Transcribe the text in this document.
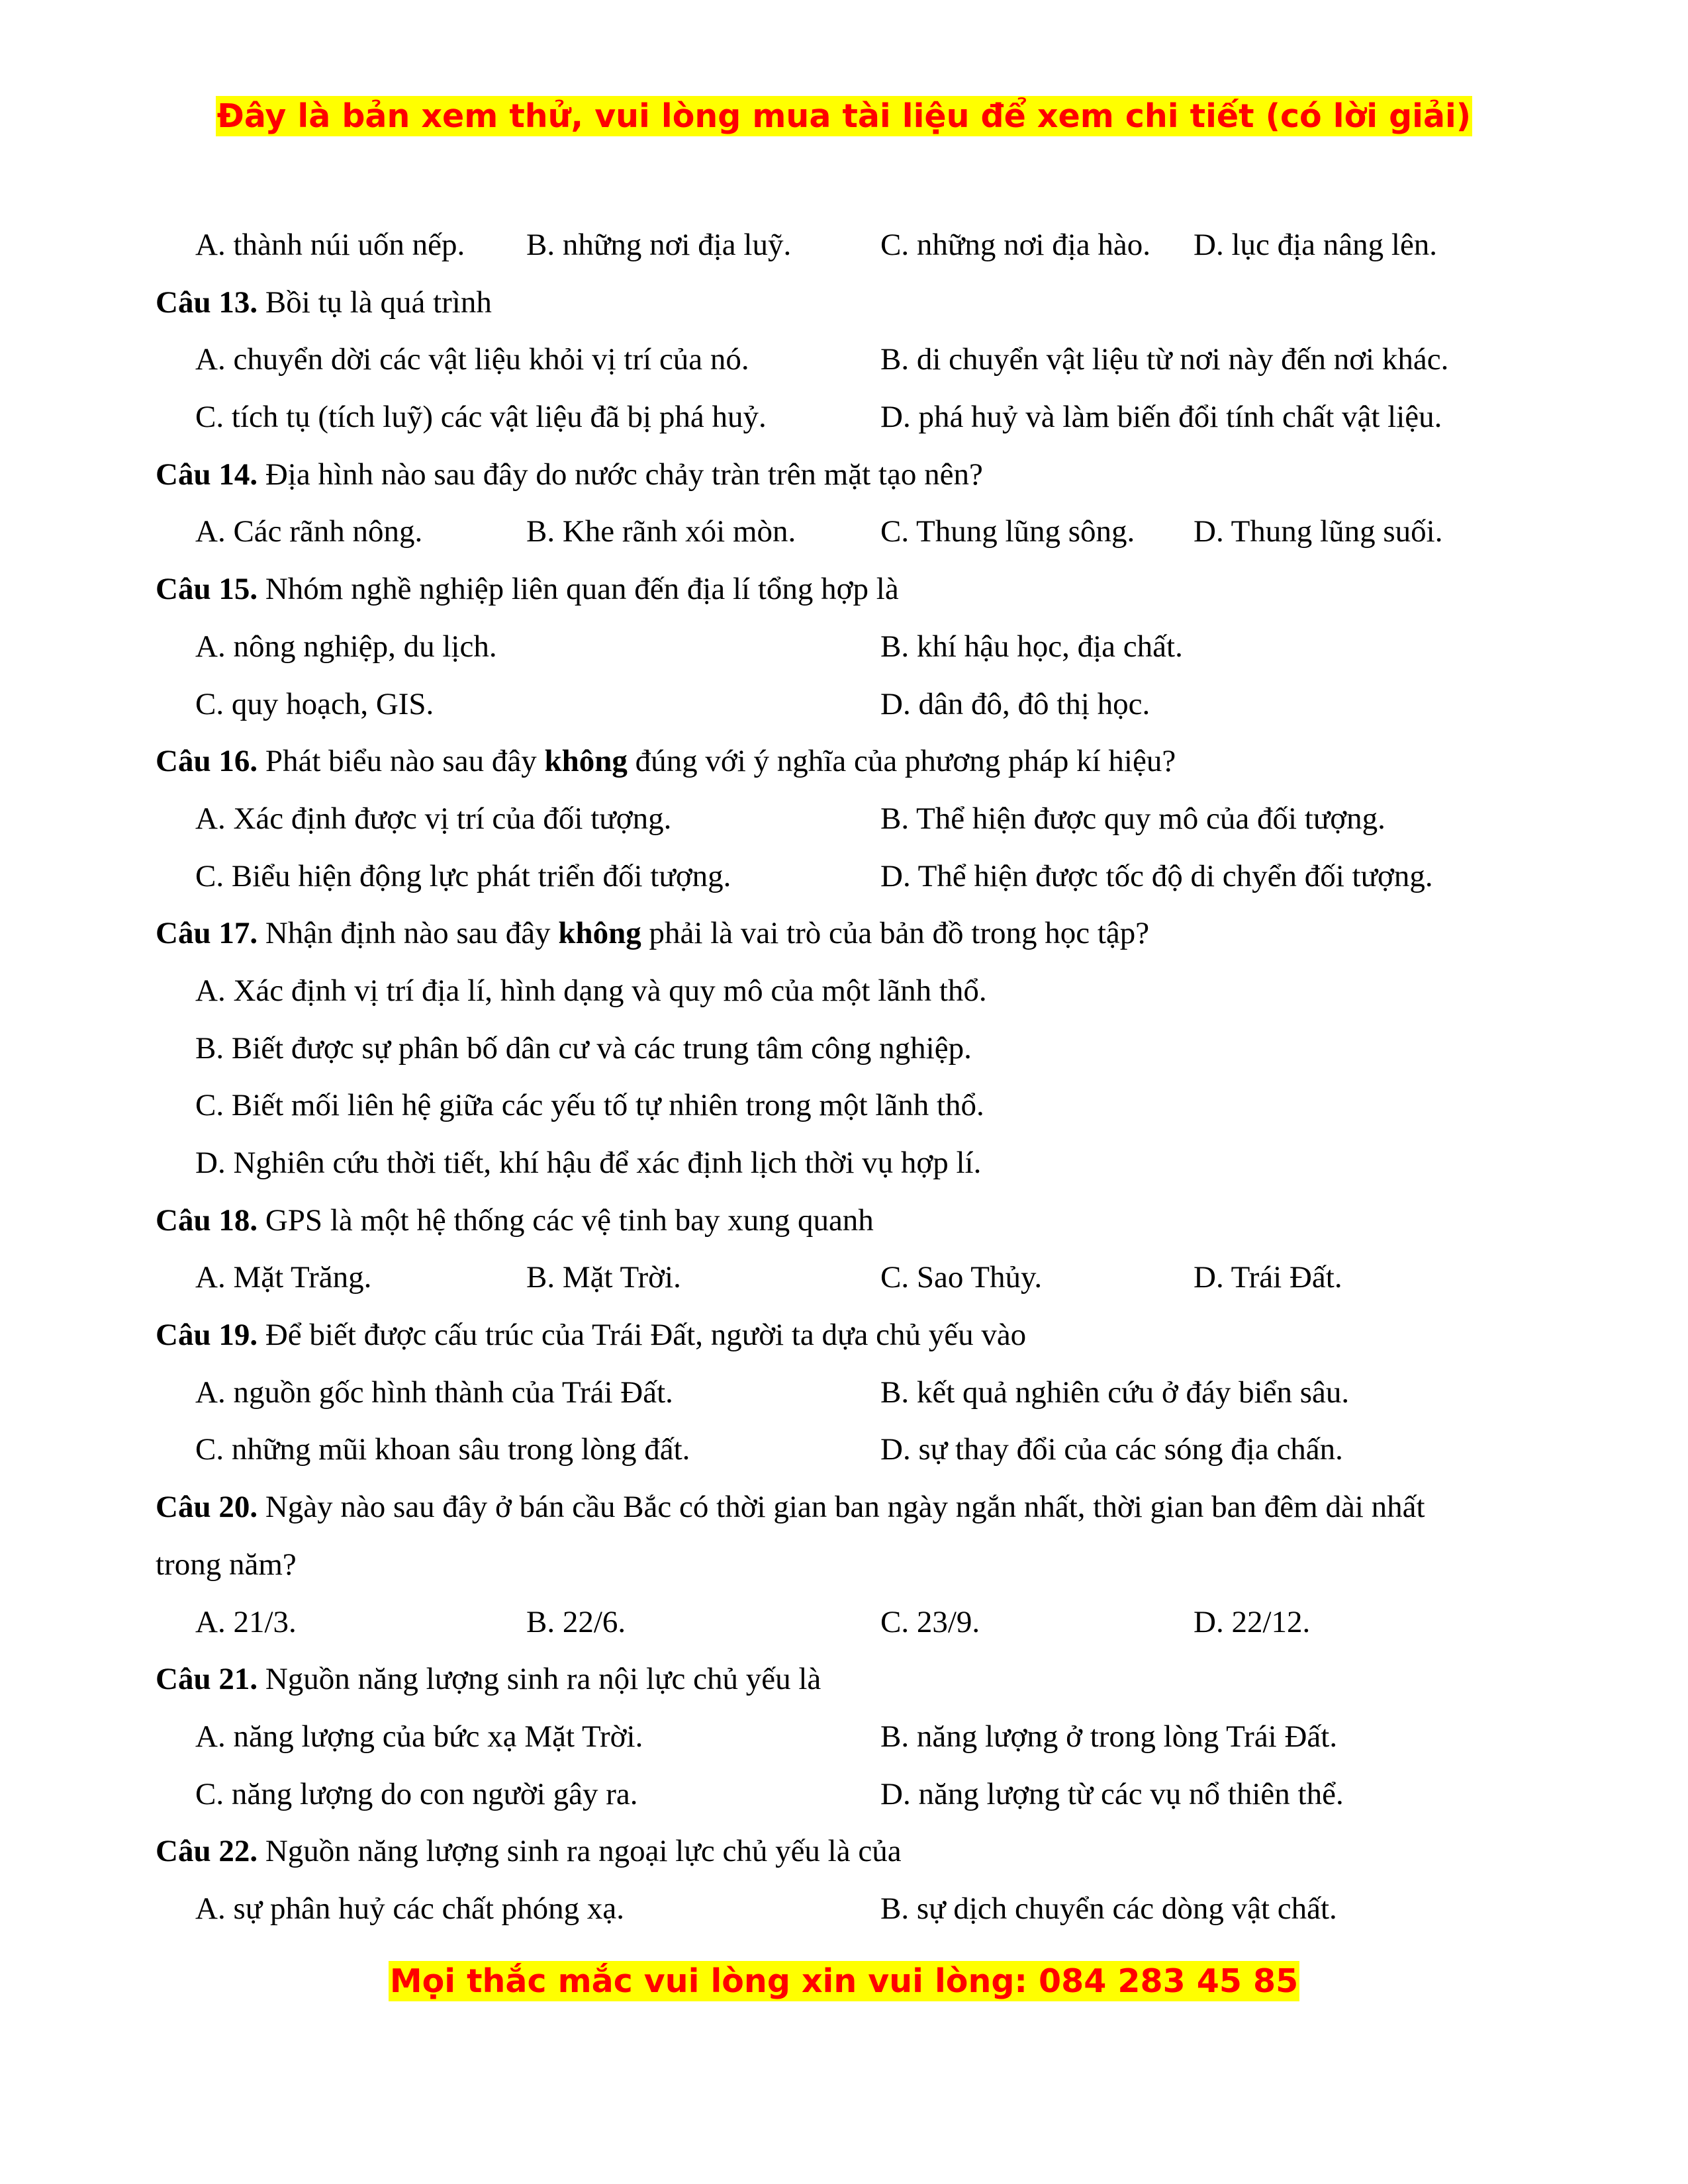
Đây là bản xem thử, vui lòng mua tài liệu để xem chi tiết (có lời giải)
A. thành núi uốn nếp. B. những nơi địa luỹ.	C. những nơi địa hào. D. lục địa nâng lên.
Câu 13. Bồi tụ là quá trình
A. chuyển dời các vật liệu khỏi vị trí của nó.	B. di chuyển vật liệu từ nơi này đến nơi khác.
C. tích tụ (tích luỹ) các vật liệu đã bị phá huỷ.	D. phá huỷ và làm biến đổi tính chất vật liệu.
Câu 14. Địa hình nào sau đây do nước chảy tràn trên mặt tạo nên?
A. Các rãnh nông.	B. Khe rãnh xói mòn.	C. Thung lũng sông. D. Thung lũng suối.
Câu 15. Nhóm nghề nghiệp liên quan đến địa lí tổng hợp là
A. nông nghiệp, du lịch.	B. khí hậu học, địa chất.
C. quy hoạch, GIS.	D. dân đô, đô thị học.
Câu 16. Phát biểu nào sau đây không đúng với ý nghĩa của phương pháp kí hiệu?
A. Xác định được vị trí của đối tượng.	B. Thể hiện được quy mô của đối tượng.
C. Biểu hiện động lực phát triển đối tượng.	D. Thể hiện được tốc độ di chyển đối tượng.
Câu 17. Nhận định nào sau đây không phải là vai trò của bản đồ trong học tập?
A. Xác định vị trí địa lí, hình dạng và quy mô của một lãnh thổ.
B. Biết được sự phân bố dân cư và các trung tâm công nghiệp.
C. Biết mối liên hệ giữa các yếu tố tự nhiên trong một lãnh thổ.
D. Nghiên cứu thời tiết, khí hậu để xác định lịch thời vụ hợp lí.
Câu 18. GPS là một hệ thống các vệ tinh bay xung quanh
A. Mặt Trăng.	B. Mặt Trời.	C. Sao Thủy.	D. Trái Đất.
Câu 19. Để biết được cấu trúc của Trái Đất, người ta dựa chủ yếu vào
A. nguồn gốc hình thành của Trái Đất.	B. kết quả nghiên cứu ở đáy biển sâu.
C. những mũi khoan sâu trong lòng đất.	D. sự thay đổi của các sóng địa chấn.
Câu 20. Ngày nào sau đây ở bán cầu Bắc có thời gian ban ngày ngắn nhất, thời gian ban đêm dài nhất
trong năm?
A. 21/3.	B. 22/6.	C. 23/9.	D. 22/12.
Câu 21. Nguồn năng lượng sinh ra nội lực chủ yếu là
A. năng lượng của bức xạ Mặt Trời.	B. năng lượng ở trong lòng Trái Đất.
C. năng lượng do con người gây ra.	D. năng lượng từ các vụ nổ thiên thể.
Câu 22. Nguồn năng lượng sinh ra ngoại lực chủ yếu là của
A. sự phân huỷ các chất phóng xạ.	B. sự dịch chuyển các dòng vật chất.
Mọi thắc mắc vui lòng xin vui lòng: 084 283 45 85
